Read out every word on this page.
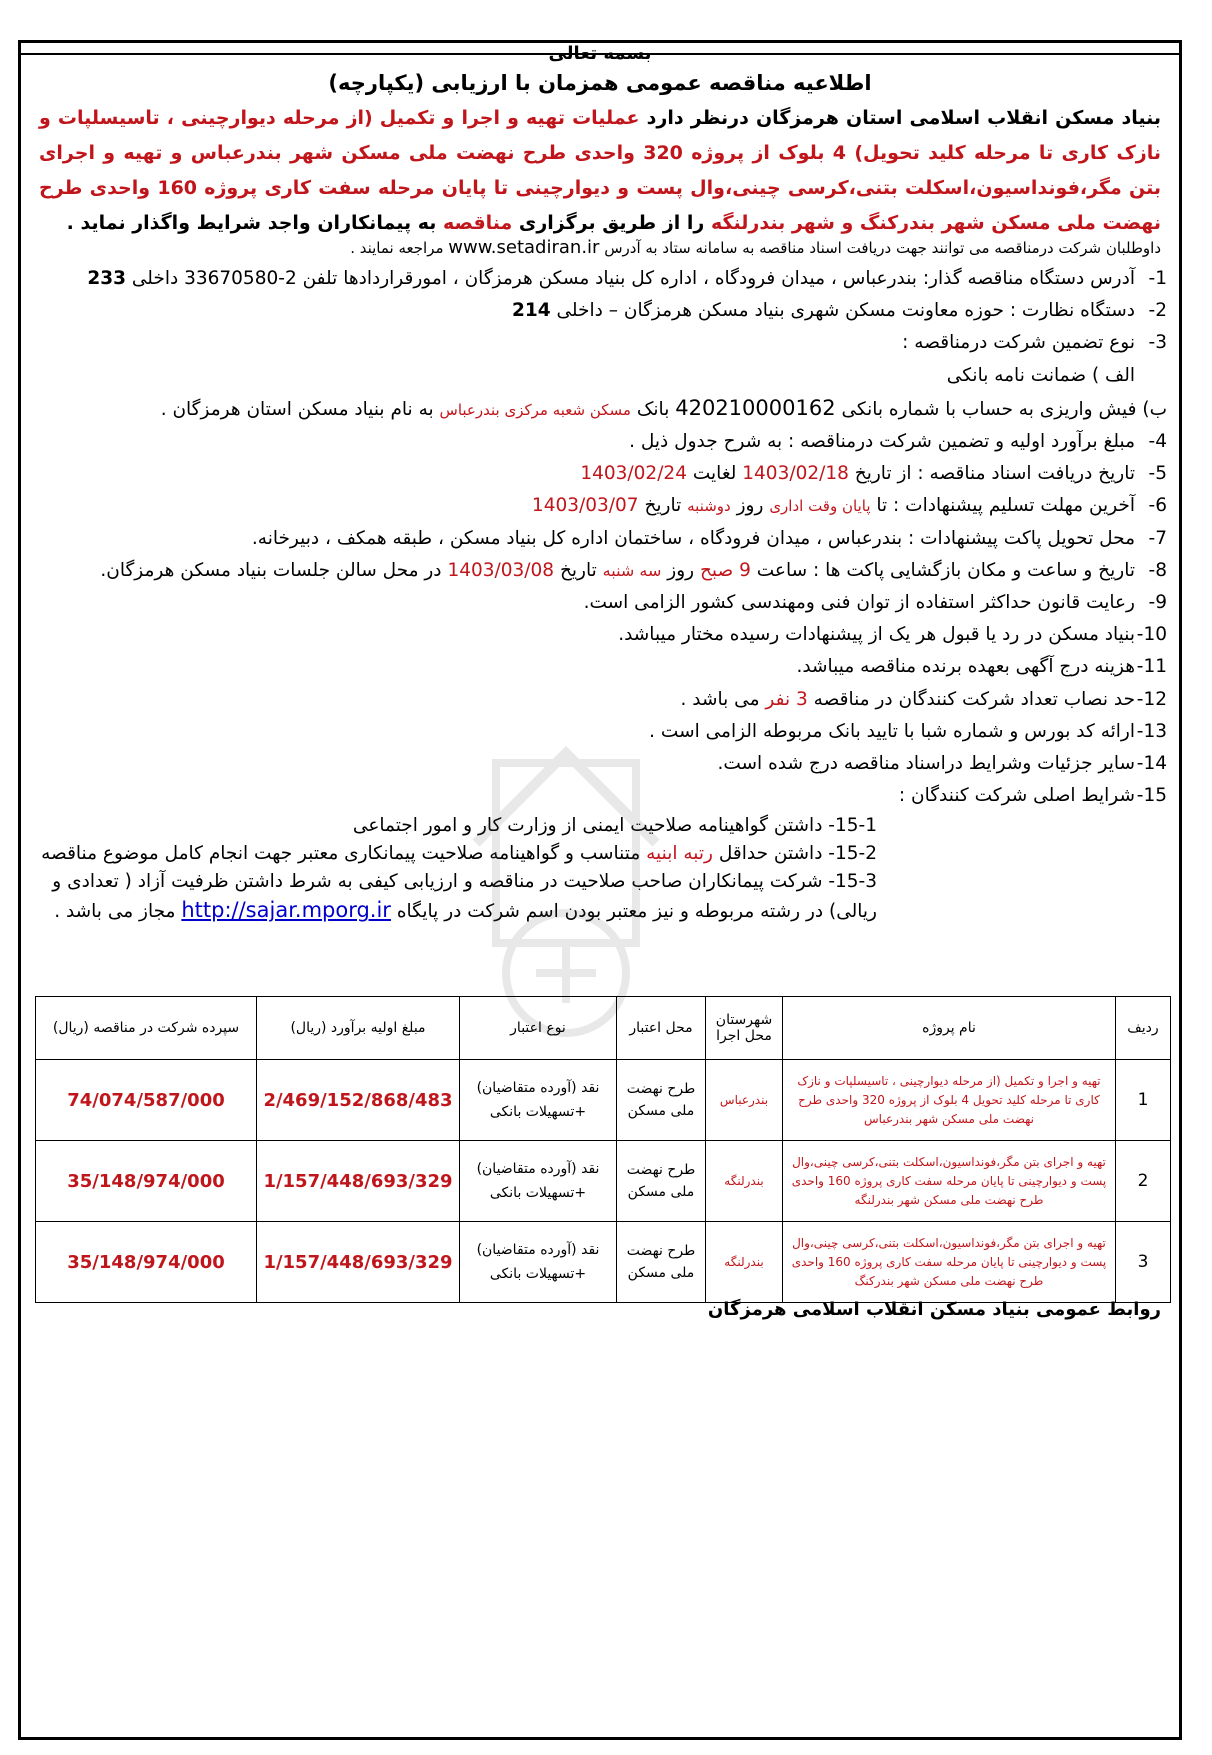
بسمه تعالی
اطلاعیه مناقصه عمومی همزمان با ارزیابی (یکپارچه)
بنیاد مسکن انقلاب اسلامی استان هرمزگان درنظر دارد عملیات تهیه و اجرا و تکمیل (از مرحله دیوارچینی ، تاسیسلپات و نازک کاری تا مرحله کلید تحویل) 4 بلوک از پروژه 320 واحدی طرح نهضت ملی مسکن شهر بندرعباس و تهیه و اجرای بتن مگر،فونداسیون،اسکلت بتنی،کرسی چینی،وال پست و دیوارچینی تا پایان مرحله سفت کاری پروژه 160 واحدی طرح نهضت ملی مسکن شهر بندرکنگ و شهر بندرلنگه را از طریق برگزاری مناقصه به پیمانکاران واجد شرایط واگذار نماید .
داوطلبان شرکت درمناقصه می توانند جهت دریافت اسناد مناقصه به سامانه ستاد به آدرس www.setadiran.ir مراجعه نمایند .
1-
آدرس دستگاه مناقصه گذار: بندرعباس ، میدان فرودگاه ، اداره کل بنیاد مسکن هرمزگان ، امورقراردادها تلفن 2-33670580 داخلی 233
2-
دستگاه نظارت : حوزه معاونت مسکن شهری بنیاد مسکن هرمزگان – داخلی 214
3-
نوع تضمین شرکت درمناقصه :
الف ) ضمانت نامه بانکی
ب) فیش واریزی به حساب با شماره بانکی 420210000162 بانک مسکن شعبه مرکزی بندرعباس به نام بنیاد مسکن استان هرمزگان .
4-
مبلغ برآورد اولیه و تضمین شرکت درمناقصه : به شرح جدول ذیل .
5-
تاریخ دریافت اسناد مناقصه : از تاریخ 1403/02/18 لغایت 1403/02/24
6-
آخرین مهلت تسلیم پیشنهادات : تا پایان وقت اداری روز دوشنبه تاریخ 1403/03/07
7-
محل تحویل پاکت پیشنهادات : بندرعباس ، میدان فرودگاه ، ساختمان اداره کل بنیاد مسکن ، طبقه همکف ، دبیرخانه.
8-
تاریخ و ساعت و مکان بازگشایی پاکت ها : ساعت 9 صبح روز سه شنبه تاریخ 1403/03/08 در محل سالن جلسات بنیاد مسکن هرمزگان.
9-
رعایت قانون حداکثر استفاده از توان فنی ومهندسی کشور الزامی است.
10-
بنیاد مسکن در رد یا قبول هر یک از پیشنهادات رسیده مختار میباشد.
11-
هزینه درج آگهی بعهده برنده مناقصه میباشد.
12-
حد نصاب تعداد شرکت کنندگان در مناقصه 3 نفر می باشد .
13-
ارائه کد بورس و شماره شبا با تایید بانک مربوطه الزامی است .
14-
سایر جزئیات وشرایط دراسناد مناقصه درج شده است.
15-
شرایط اصلی شرکت کنندگان :
15-1- داشتن گواهینامه صلاحیت ایمنی از وزارت کار و امور اجتماعی
15-2- داشتن حداقل رتبه ابنیه متناسب و گواهینامه صلاحیت پیمانکاری معتبر جهت انجام کامل موضوع مناقصه
15-3- شرکت پیمانکاران صاحب صلاحیت در مناقصه و ارزیابی کیفی به شرط داشتن ظرفیت آزاد ( تعدادی و ریالی) در رشته مربوطه و نیز معتبر بودن اسم شرکت در پایگاه http://sajar.mporg.ir مجاز می باشد .
ردیف	نام پروژه	شهرستان محل اجرا	محل اعتبار	نوع اعتبار	مبلغ اولیه برآورد (ریال)	سپرده شرکت در مناقصه (ریال)
1	تهیه و اجرا و تکمیل (از مرحله دیوارچینی ، تاسیسلپات و نازک کاری تا مرحله کلید تحویل 4 بلوک از پروژه 320 واحدی طرح نهضت ملی مسکن شهر بندرعباس	بندرعباس	طرح نهضت ملی مسکن	نقد (آورده متقاضیان) +تسهیلات بانکی	2/469/152/868/483	74/074/587/000
2	تهیه و اجرای بتن مگر،فونداسیون،اسکلت بتنی،کرسی چینی،وال پست و دیوارچینی تا پایان مرحله سفت کاری پروژه 160 واحدی طرح نهضت ملی مسکن شهر بندرلنگه	بندرلنگه	طرح نهضت ملی مسکن	نقد (آورده متقاضیان) +تسهیلات بانکی	1/157/448/693/329	35/148/974/000
3	تهیه و اجرای بتن مگر،فونداسیون،اسکلت بتنی،کرسی چینی،وال پست و دیوارچینی تا پایان مرحله سفت کاری پروژه 160 واحدی طرح نهضت ملی مسکن شهر بندرکنگ	بندرلنگه	طرح نهضت ملی مسکن	نقد (آورده متقاضیان) +تسهیلات بانکی	1/157/448/693/329	35/148/974/000
روابط عمومی بنیاد مسکن انقلاب اسلامی هرمزگان
